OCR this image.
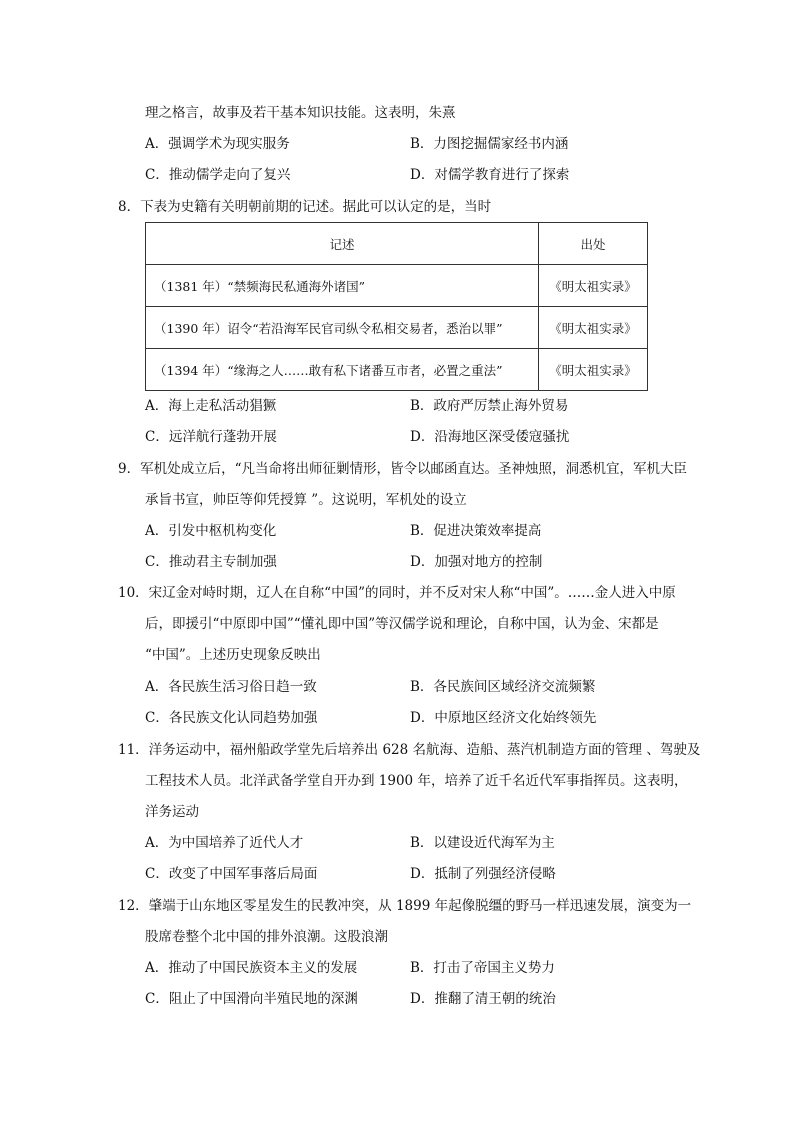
理之格言，故事及若干基本知识技能。这表明，朱熹
A．强调学术为现实服务	B．力图挖掘儒家经书内涵
C．推动儒学走向了复兴	D．对儒学教育进行了探索
8．下表为史籍有关明朝前期的记述。据此可以认定的是，当时
记述	出处
（1381 年）“禁频海民私通海外诸国”	《明太祖实录》
（1390 年）诏令“若沿海军民官司纵令私相交易者，悉治以罪”	《明太祖实录》
（1394 年）“缘海之人……敢有私下诸番互市者，必置之重法”	《明太祖实录》
A．海上走私活动猖獗	B．政府严厉禁止海外贸易
C．远洋航行蓬勃开展	D．沿海地区深受倭寇骚扰
9．军机处成立后，“凡当命将出师征剿情形，皆令以邮函直达。圣神烛照，洞悉机宜，军机大臣
承旨书宣，帅臣等仰凭授算 ”。这说明，军机处的设立
A．引发中枢机构变化	B．促进决策效率提高
C．推动君主专制加强	D．加强对地方的控制
10．宋辽金对峙时期，辽人在自称“中国”的同时，并不反对宋人称“中国”。……金人进入中原
后，即援引“中原即中国”“懂礼即中国”等汉儒学说和理论，自称中国，认为金、宋都是
“中国”。上述历史现象反映出
A．各民族生活习俗日趋一致	B．各民族间区域经济交流频繁
C．各民族文化认同趋势加强	D．中原地区经济文化始终领先
11．洋务运动中，福州船政学堂先后培养出 628 名航海、造船、蒸汽机制造方面的管理 、驾驶及
工程技术人员。北洋武备学堂自开办到 1900 年，培养了近千名近代军事指挥员。这表明，
洋务运动
A．为中国培养了近代人才	B．以建设近代海军为主
C．改变了中国军事落后局面	D．抵制了列强经济侵略
12．肇端于山东地区零星发生的民教冲突，从 1899 年起像脱缰的野马一样迅速发展，演变为一
股席卷整个北中国的排外浪潮。这股浪潮
A．推动了中国民族资本主义的发展	B．打击了帝国主义势力
C．阻止了中国滑向半殖民地的深渊	D．推翻了清王朝的统治
